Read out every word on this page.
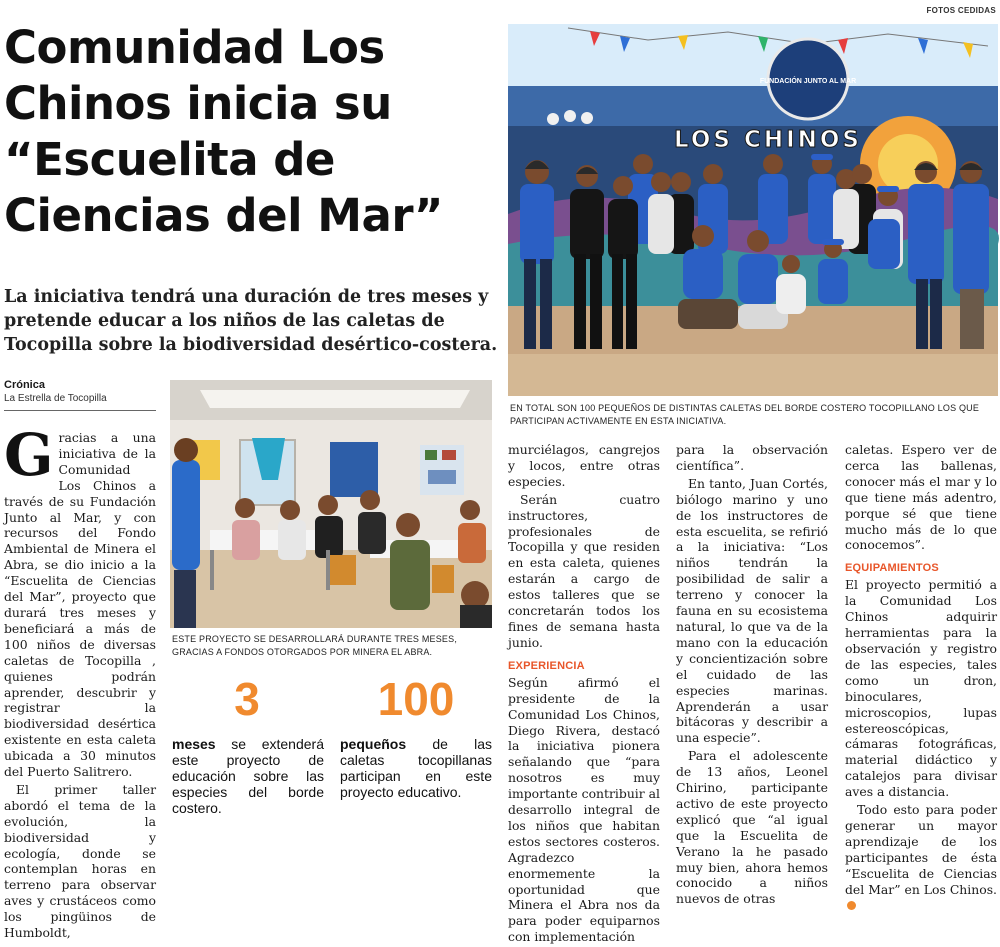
FOTOS CEDIDAS
Comunidad Los Chinos inicia su “Escuelita de Ciencias del Mar”

La iniciativa tendrá una duración de tres meses y pretende educar a los niños de las caletas de Tocopilla sobre la biodiversidad desértico-costera.

Crónica
La Estrella de Tocopilla
FUNDACIÓN JUNTO AL MAR
LOS CHINOS
EN TOTAL SON 100 PEQUEÑOS DE DISTINTAS CALETAS DEL BORDE COSTERO TOCOPILLANO LOS QUE PARTICIPAN ACTIVAMENTE EN ESTA INICIATIVA.
ESTE PROYECTO SE DESARROLLARÁ DURANTE TRES MESES, GRACIAS A FONDOS OTORGADOS POR MINERA EL ABRA.
3
meses se extenderá este proyecto de educación sobre las especies del borde costero.
100
pequeños de las caletas tocopillanas participan en este proyecto educativo.

Gracias a una iniciativa de la Comunidad Los Chinos a través de su Fundación Junto al Mar, y con recursos del Fondo Ambiental de Minera el Abra, se dio inicio a la “Escuelita de Ciencias del Mar”, proyecto que durará tres meses y beneficiará a más de 100 niños de diversas caletas de Tocopilla , quienes podrán aprender, descubrir y registrar la biodiversidad desértica existente en esta caleta ubicada a 30 minutos del Puerto Salitrero.

El primer taller abordó el tema de la evolución, la biodiversidad y ecología, donde se contemplan horas en terreno para observar aves y crustáceos como los pingüinos de Humboldt,

murciélagos, cangrejos y locos, entre otras especies.

Serán cuatro instructores, profesionales de Tocopilla y que residen en esta caleta, quienes estarán a cargo de estos talleres que se concretarán todos los fines de semana hasta junio.

EXPERIENCIA

Según afirmó el presidente de la Comunidad Los Chinos, Diego Rivera, destacó la iniciativa pionera señalando que “para nosotros es muy importante contribuir al desarrollo integral de los niños que habitan estos sectores costeros. Agradezco enormemente la oportunidad que Minera el Abra nos da para poder equiparnos con implementación

para la observación científica”.

En tanto, Juan Cortés, biólogo marino y uno de los instructores de esta escuelita, se refirió a la iniciativa: “Los niños tendrán la posibilidad de salir a terreno y conocer la fauna en su ecosistema natural, lo que va de la mano con la educación y concientización sobre el cuidado de las especies marinas. Aprenderán a usar bitácoras y describir a una especie”.

Para el adolescente de 13 años, Leonel Chirino, participante activo de este proyecto explicó que “al igual que la Escuelita de Verano la he pasado muy bien, ahora hemos conocido a niños nuevos de otras

caletas. Espero ver de cerca las ballenas, conocer más el mar y lo que tiene más adentro, porque sé que tiene mucho más de lo que conocemos”.

EQUIPAMIENTOS

El proyecto permitió a la Comunidad Los Chinos adquirir herramientas para la observación y registro de las especies, tales como un dron, binoculares, microscopios, lupas estereoscópicas, cámaras fotográficas, material didáctico y catalejos para divisar aves a distancia.

Todo esto para poder generar un mayor aprendizaje de los participantes de ésta “Escuelita de Ciencias del Mar” en Los Chinos.
